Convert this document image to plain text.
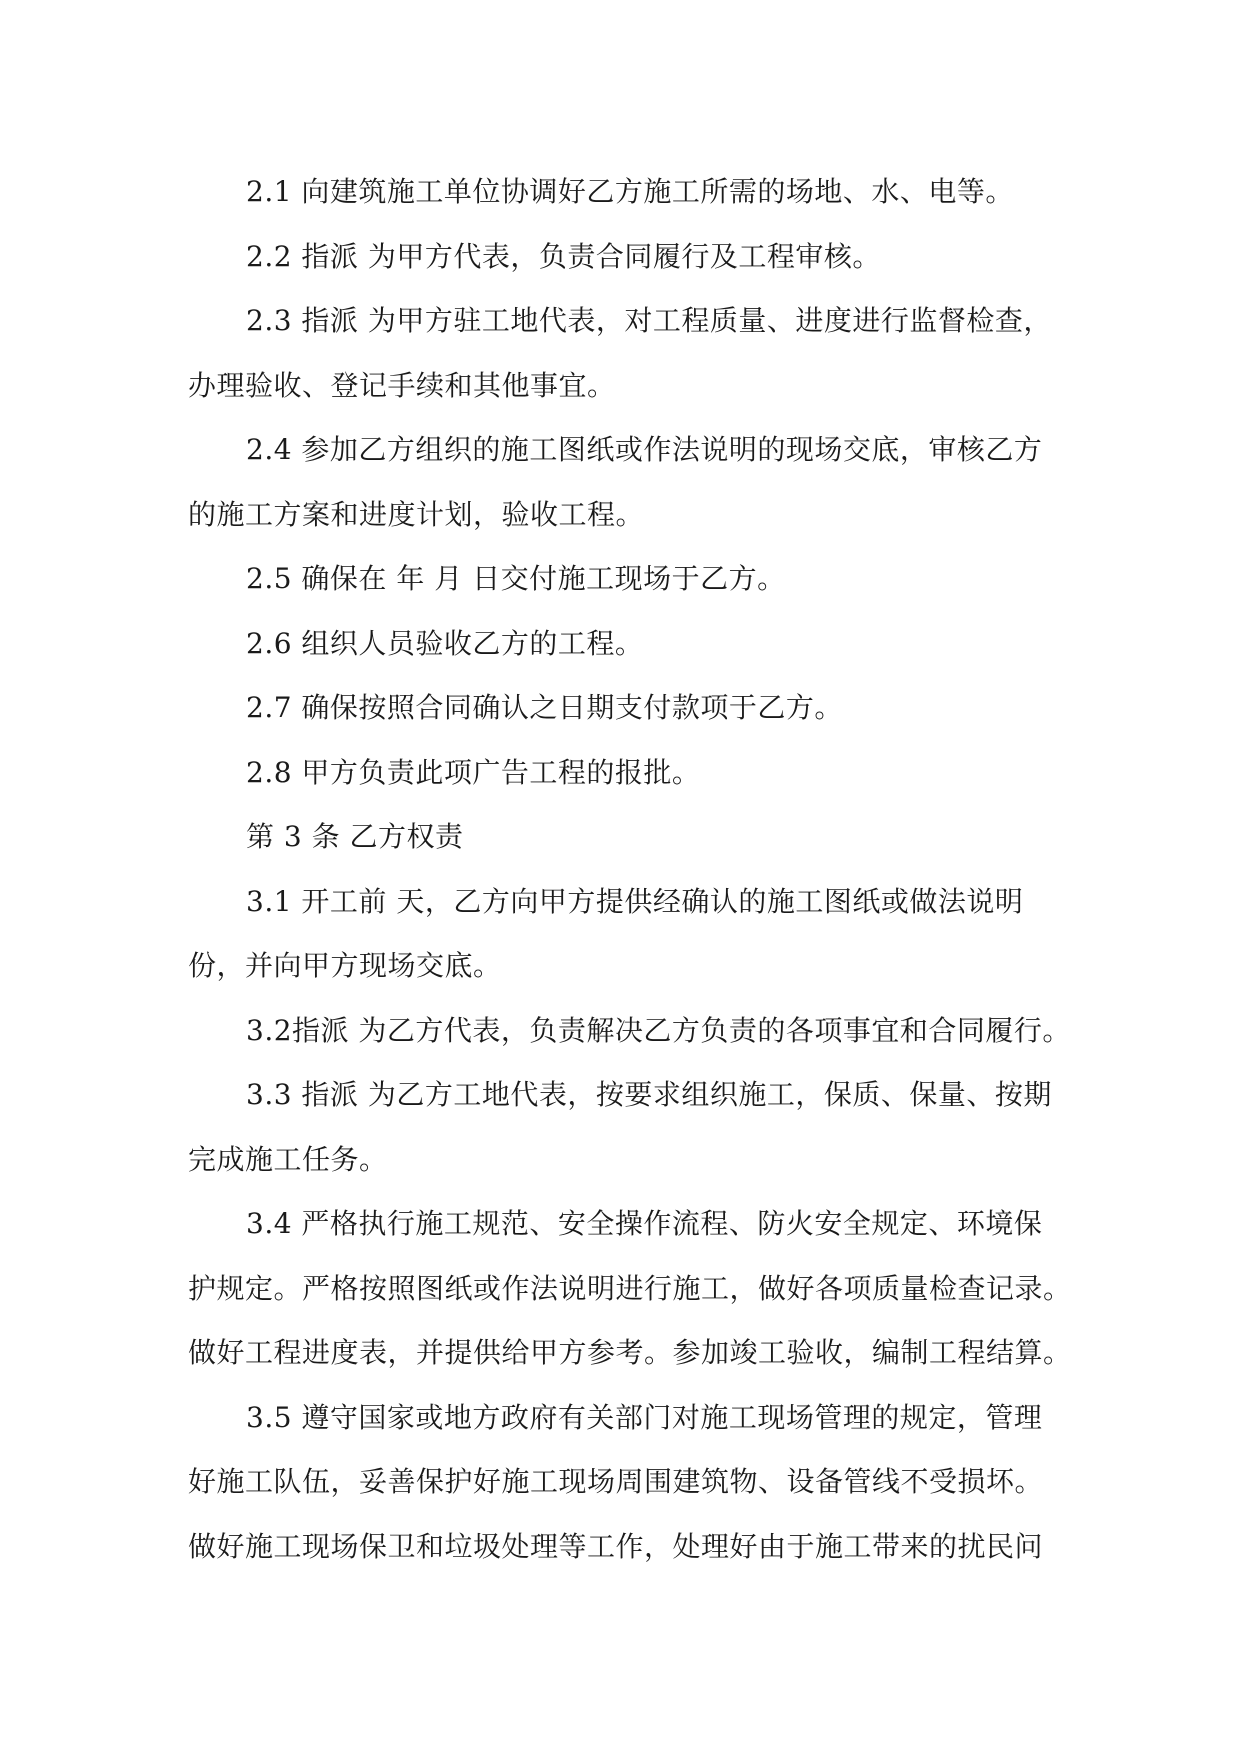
2.1 向建筑施工单位协调好乙方施工所需的场地、水、电等。
2.2 指派 为甲方代表，负责合同履行及工程审核。
2.3 指派 为甲方驻工地代表，对工程质量、进度进行监督检查，
办理验收、登记手续和其他事宜。
2.4 参加乙方组织的施工图纸或作法说明的现场交底，审核乙方
的施工方案和进度计划，验收工程。
2.5 确保在 年 月 日交付施工现场于乙方。
2.6 组织人员验收乙方的工程。
2.7 确保按照合同确认之日期支付款项于乙方。
2.8 甲方负责此项广告工程的报批。
第 3 条 乙方权责
3.1 开工前 天，乙方向甲方提供经确认的施工图纸或做法说明
份，并向甲方现场交底。
3.2指派 为乙方代表，负责解决乙方负责的各项事宜和合同履行。
3.3 指派 为乙方工地代表，按要求组织施工，保质、保量、按期
完成施工任务。
3.4 严格执行施工规范、安全操作流程、防火安全规定、环境保
护规定。严格按照图纸或作法说明进行施工，做好各项质量检查记录。
做好工程进度表，并提供给甲方参考。参加竣工验收，编制工程结算。
3.5 遵守国家或地方政府有关部门对施工现场管理的规定，管理
好施工队伍，妥善保护好施工现场周围建筑物、设备管线不受损坏。
做好施工现场保卫和垃圾处理等工作，处理好由于施工带来的扰民问
